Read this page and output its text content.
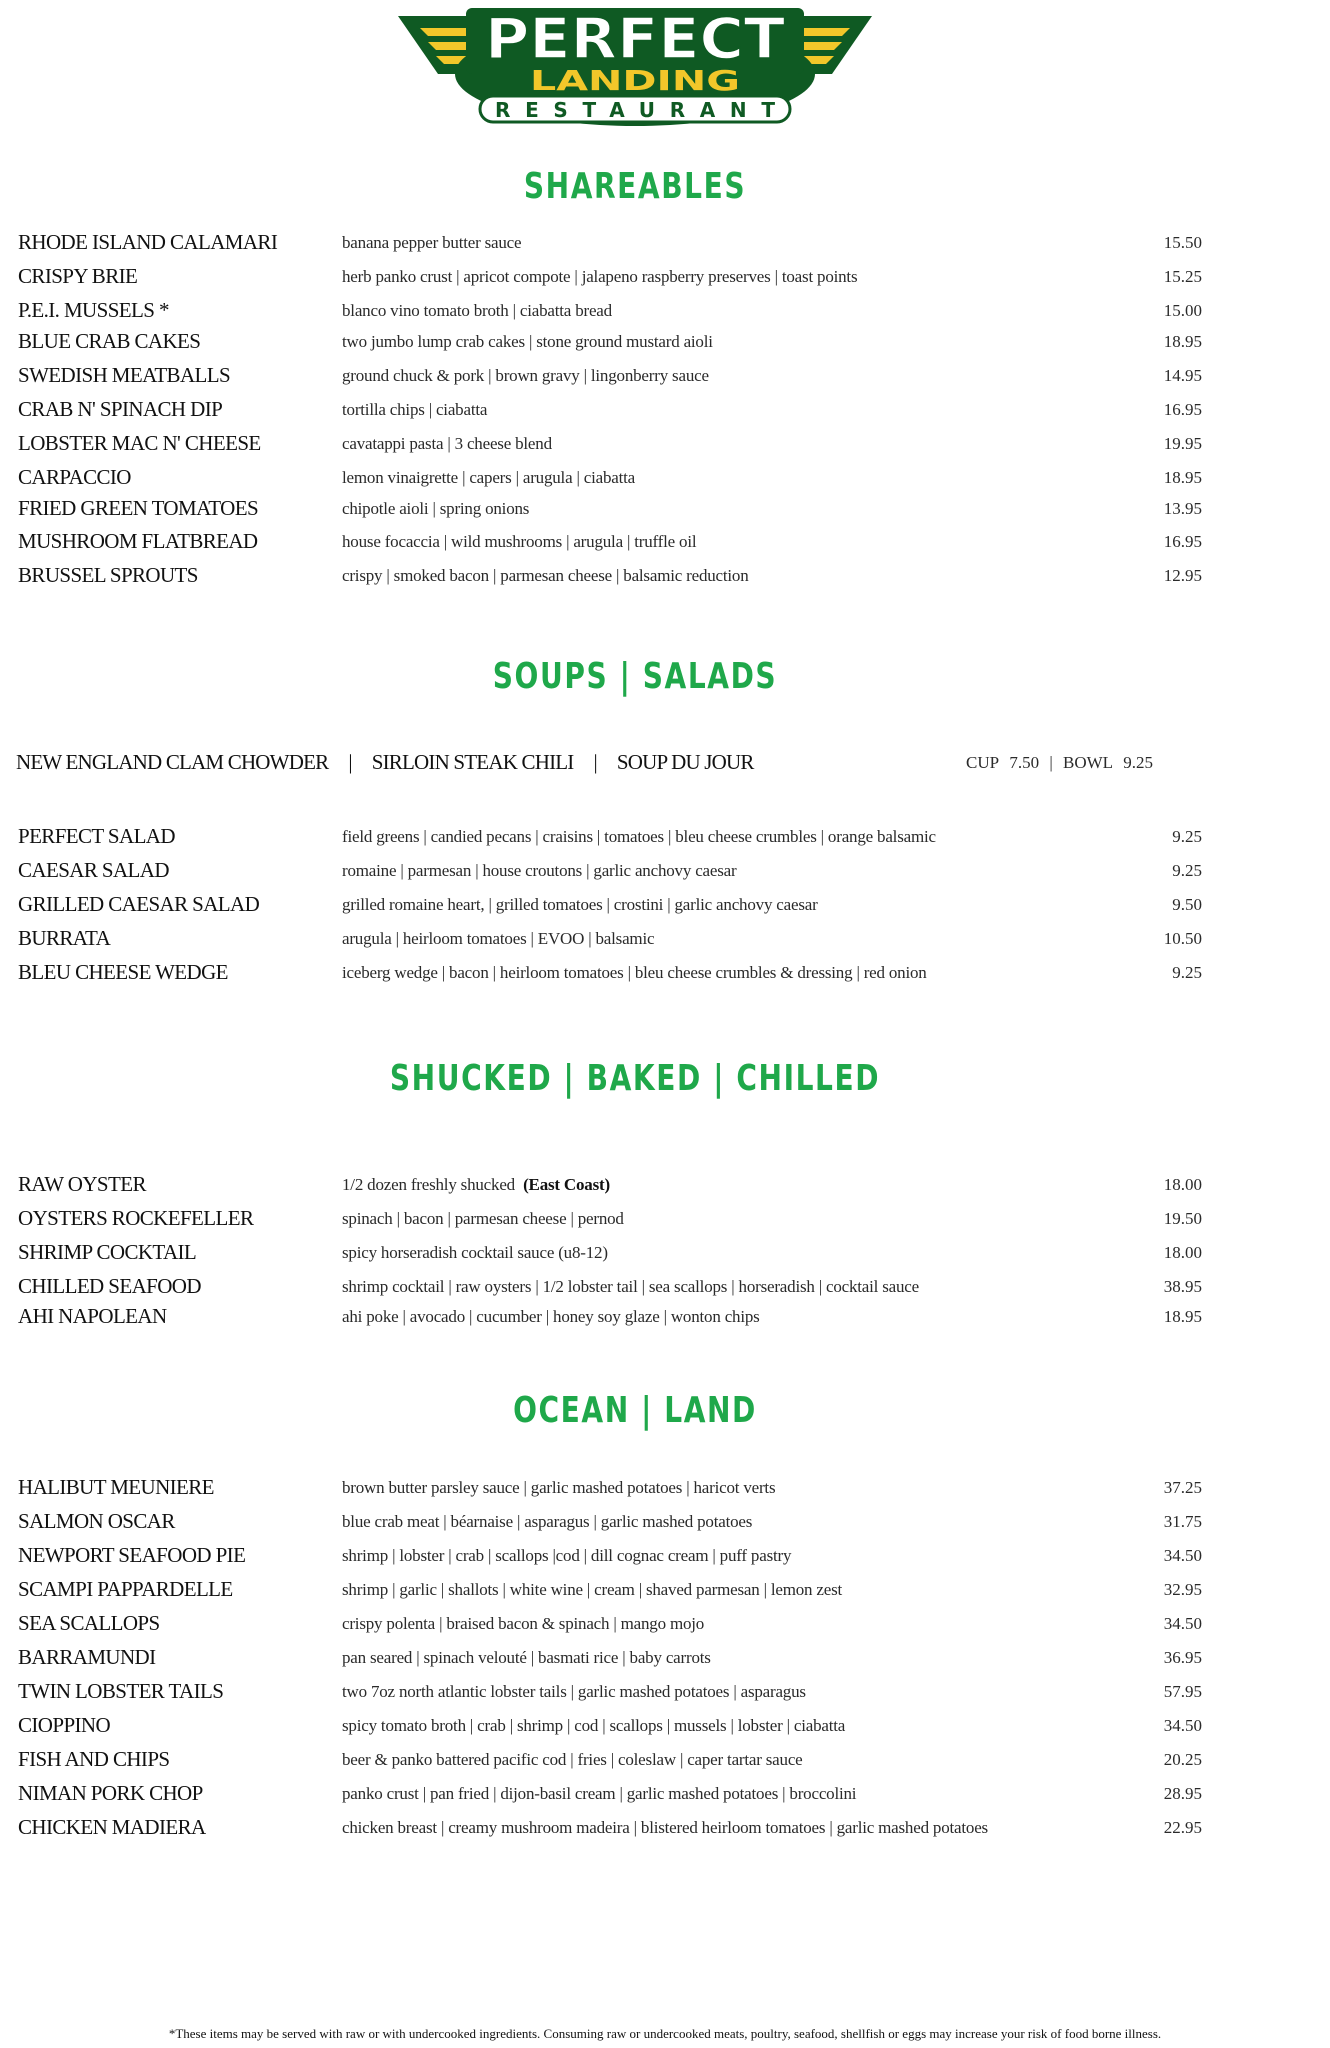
PERFECT
LANDING
RESTAURANT
SHAREABLES
RHODE ISLAND CALAMARI	banana pepper butter sauce	15.50
CRISPY BRIE	herb panko crust | apricot compote | jalapeno raspberry preserves | toast points	15.25
P.E.I. MUSSELS *	blanco vino tomato broth | ciabatta bread	15.00
BLUE CRAB CAKES	two jumbo lump crab cakes | stone ground mustard aioli	18.95
SWEDISH MEATBALLS	ground chuck & pork | brown gravy | lingonberry sauce	14.95
CRAB N' SPINACH DIP	tortilla chips | ciabatta	16.95
LOBSTER MAC N' CHEESE	cavatappi pasta | 3 cheese blend	19.95
CARPACCIO	lemon vinaigrette | capers | arugula | ciabatta	18.95
FRIED GREEN TOMATOES	chipotle aioli | spring onions	13.95
MUSHROOM FLATBREAD	house focaccia | wild mushrooms | arugula | truffle oil	16.95
BRUSSEL SPROUTS	crispy | smoked bacon | parmesan cheese | balsamic reduction	12.95
SOUPS | SALADS
NEW ENGLAND CLAM CHOWDER | SIRLOIN STEAK CHILI | SOUP DU JOUR	CUP 7.50 | BOWL 9.25
PERFECT SALAD	field greens | candied pecans | craisins | tomatoes | bleu cheese crumbles | orange balsamic	9.25
CAESAR SALAD	romaine | parmesan | house croutons | garlic anchovy caesar	9.25
GRILLED CAESAR SALAD	grilled romaine heart, | grilled tomatoes | crostini | garlic anchovy caesar	9.50
BURRATA	arugula | heirloom tomatoes | EVOO | balsamic	10.50
BLEU CHEESE WEDGE	iceberg wedge | bacon | heirloom tomatoes | bleu cheese crumbles & dressing | red onion	9.25
SHUCKED | BAKED | CHILLED
RAW OYSTER	1/2 dozen freshly shucked (East Coast)	18.00
OYSTERS ROCKEFELLER	spinach | bacon | parmesan cheese | pernod	19.50
SHRIMP COCKTAIL	spicy horseradish cocktail sauce (u8-12)	18.00
CHILLED SEAFOOD	shrimp cocktail | raw oysters | 1/2 lobster tail | sea scallops | horseradish | cocktail sauce	38.95
AHI NAPOLEAN	ahi poke | avocado | cucumber | honey soy glaze | wonton chips	18.95
OCEAN | LAND
HALIBUT MEUNIERE	brown butter parsley sauce | garlic mashed potatoes | haricot verts	37.25
SALMON OSCAR	blue crab meat | béarnaise | asparagus | garlic mashed potatoes	31.75
NEWPORT SEAFOOD PIE	shrimp | lobster | crab | scallops |cod | dill cognac cream | puff pastry	34.50
SCAMPI PAPPARDELLE	shrimp | garlic | shallots | white wine | cream | shaved parmesan | lemon zest	32.95
SEA SCALLOPS	crispy polenta | braised bacon & spinach | mango mojo	34.50
BARRAMUNDI	pan seared | spinach velouté | basmati rice | baby carrots	36.95
TWIN LOBSTER TAILS	two 7oz north atlantic lobster tails | garlic mashed potatoes | asparagus	57.95
CIOPPINO	spicy tomato broth | crab | shrimp | cod | scallops | mussels | lobster | ciabatta	34.50
FISH AND CHIPS	beer & panko battered pacific cod | fries | coleslaw | caper tartar sauce	20.25
NIMAN PORK CHOP	panko crust | pan fried | dijon-basil cream | garlic mashed potatoes | broccolini	28.95
CHICKEN MADIERA	chicken breast | creamy mushroom madeira | blistered heirloom tomatoes | garlic mashed potatoes	22.95
*These items may be served with raw or with undercooked ingredients. Consuming raw or undercooked meats, poultry, seafood, shellfish or eggs may increase your risk of food borne illness.
